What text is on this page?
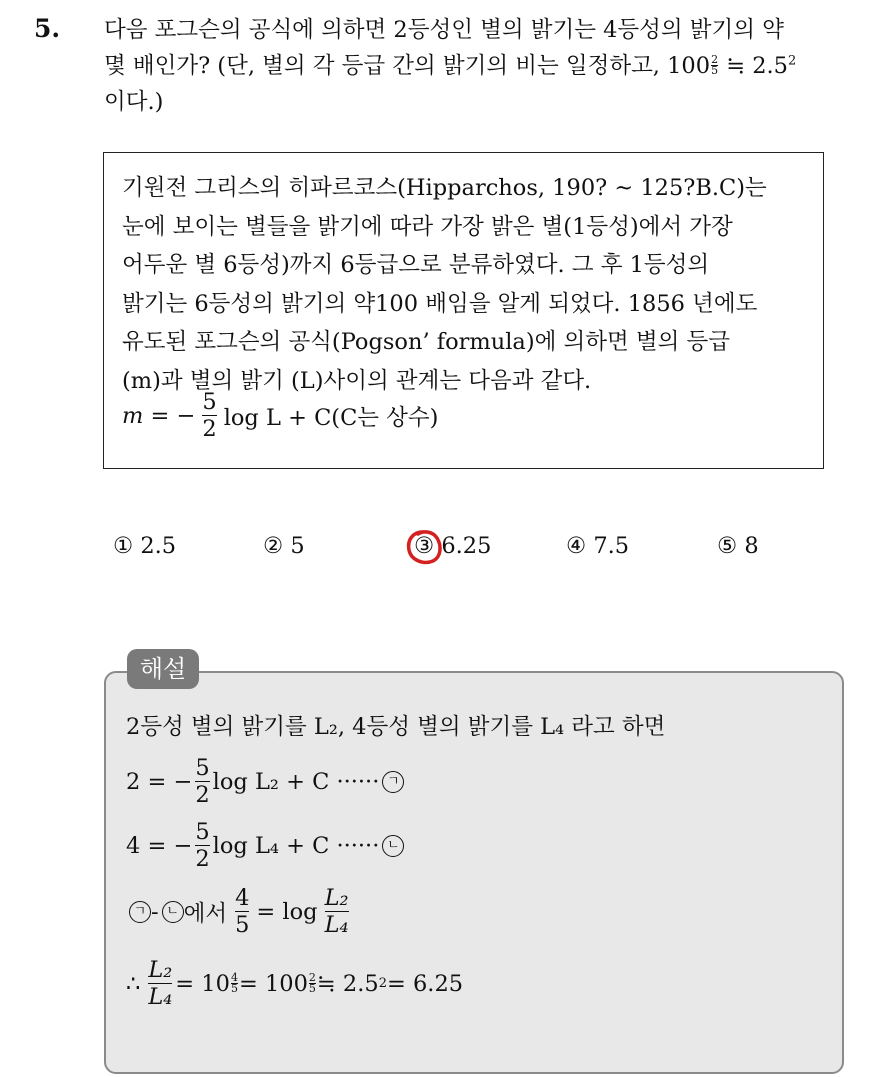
5. 다음 포그슨의 공식에 의하면 2등성인 별의 밝기는 4등성의 밝기의 약
몇 배인가? (단, 별의 각 등급 간의 밝기의 비는 일정하고, $100 \frac{2}{5}$ ≒ $2.5^2$
이다.)
기원전 그리스의 히파르코스(Hipparchos, 190? ~ 125?B.C)는
눈에 보이는 별들을 밝기에 따라 가장 밝은 별(1등성)에서 가장
어두운 별 6등성)까지 6등급으로 분류하였다. 그 후 1등성의
밝기는 6등성의 밝기의 약100 배임을 알게 되었다. 1856 년에도
유도된 포그슨의 공식(Pogson’ formula)에 의하면 별의 등급
(m)과 별의 밝기 (L)사이의 관계는 다음과 같다.
m = − $\frac{5}{2}$ log L + C(C는 상수)
① 2.5	② 5	③ 6.25	④ 7.5	⑤ 8
해설
2등성 별의 밝기를 L₂, 4등성 별의 밝기를 L₄ 라고 하면
2 = − $\frac{5}{2}$ log L₂ + C ······ ㄱ
4 = − $\frac{5}{2}$ log L₄ + C ······ ㄴ
ㄱ - ㄴ 에서 $\frac{4}{5} = \log \frac{\text{L₂}}{\text{L₄}}$
∴ $\frac{\text{L₂}}{\text{L₄}} = 10 \frac{4}{5} = 100 \frac{2}{5}$ ≒ 2.5 2 = 6.25
